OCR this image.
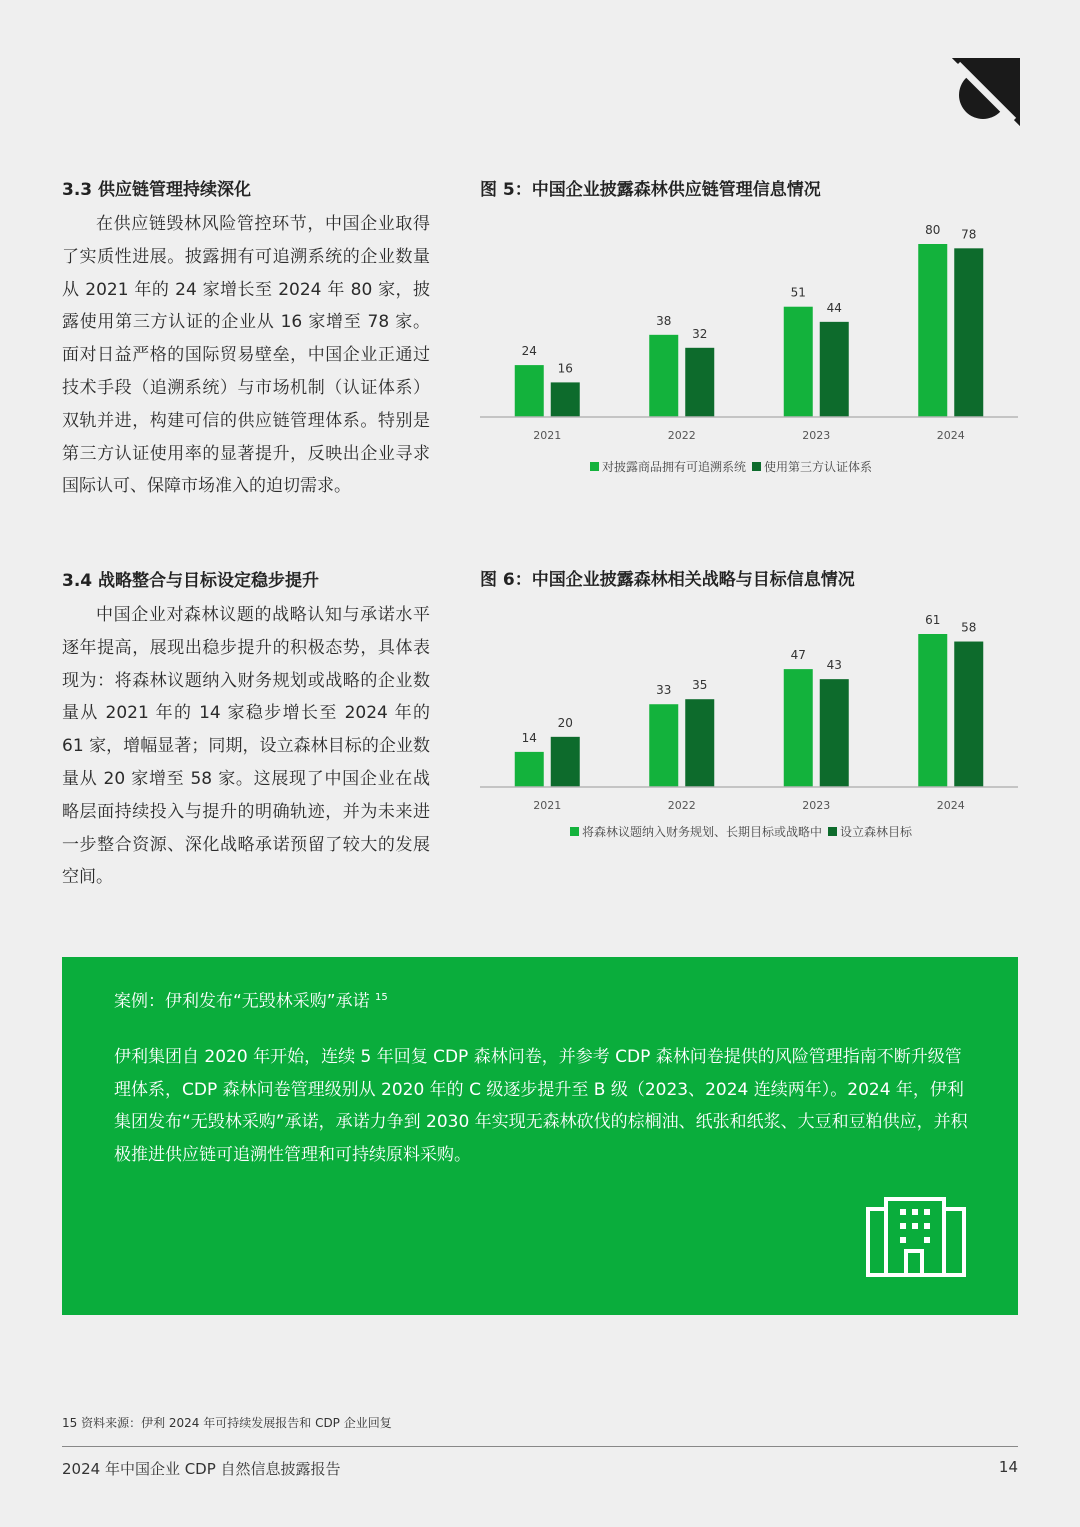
3.3 供应链管理持续深化

在供应链毁林风险管控环节，中国企业取得了实质性进展。披露拥有可追溯系统的企业数量从 2021 年的 24 家增长至 2024 年 80 家，披露使用第三方认证的企业从 16 家增至 78 家。面对日益严格的国际贸易壁垒，中国企业正通过技术手段（追溯系统）与市场机制（认证体系）双轨并进，构建可信的供应链管理体系。特别是第三方认证使用率的显著提升，反映出企业寻求国际认可、保障市场准入的迫切需求。

3.4 战略整合与目标设定稳步提升

中国企业对森林议题的战略认知与承诺水平逐年提高，展现出稳步提升的积极态势，具体表现为：将森林议题纳入财务规划或战略的企业数量从 2021 年的 14 家稳步增长至 2024 年的 61 家，增幅显著；同期，设立森林目标的企业数量从 20 家增至 58 家。这展现了中国企业在战略层面持续投入与提升的明确轨迹，并为未来进一步整合资源、深化战略承诺预留了较大的发展空间。

图 5：中国企业披露森林供应链管理信息情况
24
16
2021
38
32
2022
51
44
2023
80 78
2024
对披露商品拥有可追溯系统 使用第三方认证体系
图 6：中国企业披露森林相关战略与目标信息情况
14
20
2021
33 35
2022
47
43
2023
61
58
2024
将森林议题纳入财务规划、长期目标或战略中 设立森林目标
案例：伊利发布“无毁林采购”承诺 $^{15}$

伊利集团自 2020 年开始，连续 5 年回复 CDP 森林问卷，并参考 CDP 森林问卷提供的风险管理指南不断升级管理体系，CDP 森林问卷管理级别从 2020 年的 C 级逐步提升至 B 级（2023、2024 连续两年）。2024 年，伊利集团发布“无毁林采购”承诺，承诺力争到 2030 年实现无森林砍伐的棕榈油、纸张和纸浆、大豆和豆粕供应，并积极推进供应链可追溯性管理和可持续原料采购。

15 资料来源：伊利 2024 年可持续发展报告和 CDP 企业回复
2024 年中国企业 CDP 自然信息披露报告	14
